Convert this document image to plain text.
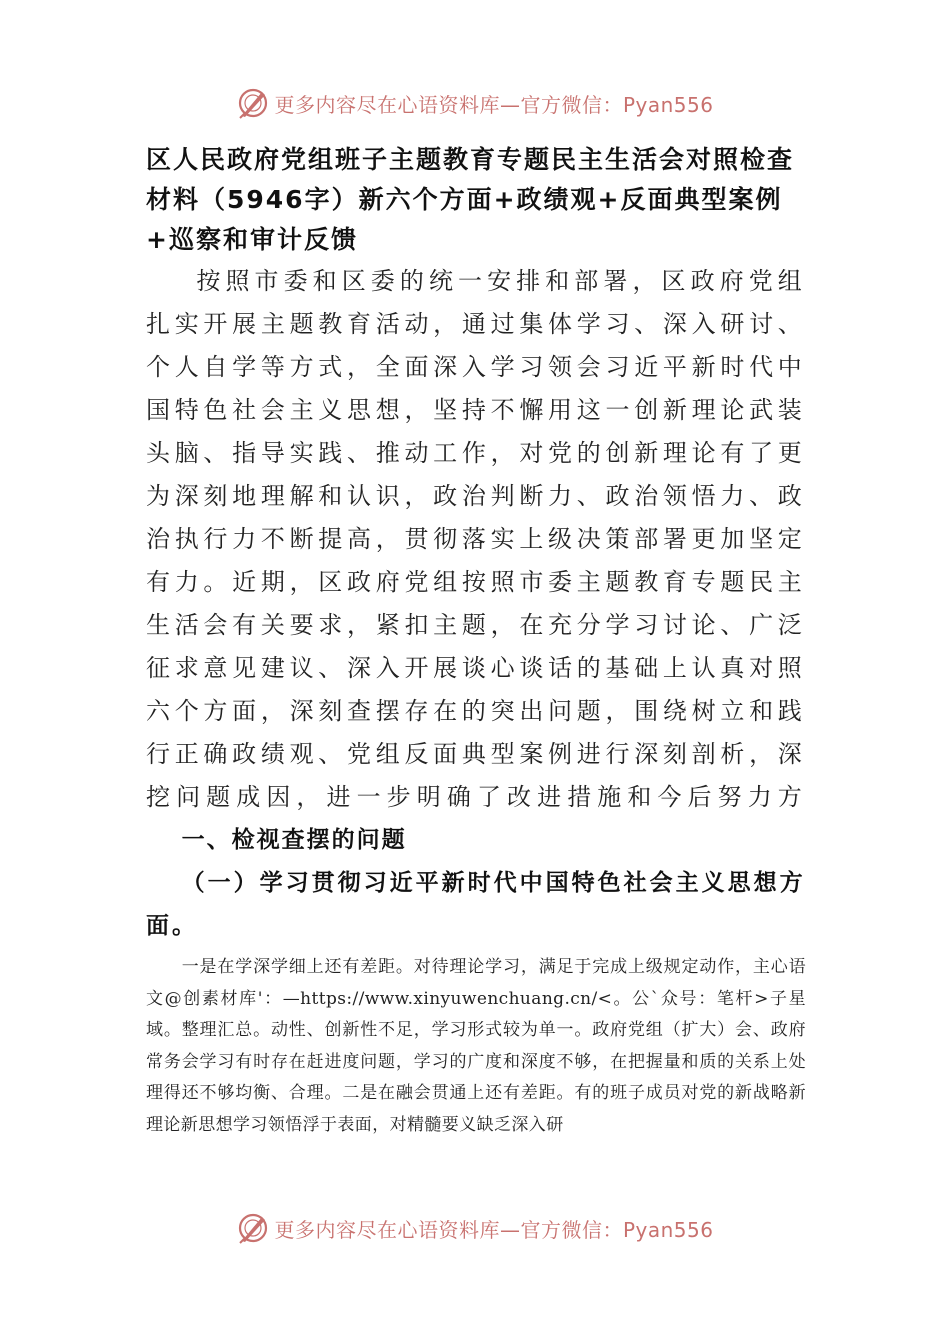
更多内容尽在心语资料库—官方微信：Pyan556
区人民政府党组班子主题教育专题民主生活会对照检查材料（5946字）新六个方面+政绩观+反面典型案例+巡察和审计反馈

按照市委和区委的统一安排和部署，区政府党组扎实开展主题教育活动，通过集体学习、深入研讨、个人自学等方式，全面深入学习领会习近平新时代中国特色社会主义思想，坚持不懈用这一创新理论武装头脑、指导实践、推动工作，对党的创新理论有了更为深刻地理解和认识，政治判断力、政治领悟力、政治执行力不断提高，贯彻落实上级决策部署更加坚定有力。近期，区政府党组按照市委主题教育专题民主生活会有关要求，紧扣主题，在充分学习讨论、广泛征求意见建议、深入开展谈心谈话的基础上认真对照六个方面，深刻查摆存在的突出问题，围绕树立和践行正确政绩观、党组反面典型案例进行深刻剖析，深挖问题成因，进一步明确了改进措施和今后努力方

一、检视查摆的问题
（一）学习贯彻习近平新时代中国特色社会主义思想方面。

一是在学深学细上还有差距。对待理论学习，满足于完成上级规定动作，主心语文@创素材库'：—https://www.xinyuwenchuang.cn/<。公`众号：笔杆>子星域。整理汇总。动性、创新性不足，学习形式较为单一。政府党组（扩大）会、政府常务会学习有时存在赶进度问题，学习的广度和深度不够，在把握量和质的关系上处理得还不够均衡、合理。二是在融会贯通上还有差距。有的班子成员对党的新战略新理论新思想学习领悟浮于表面，对精髓要义缺乏深入研

更多内容尽在心语资料库—官方微信：Pyan556
